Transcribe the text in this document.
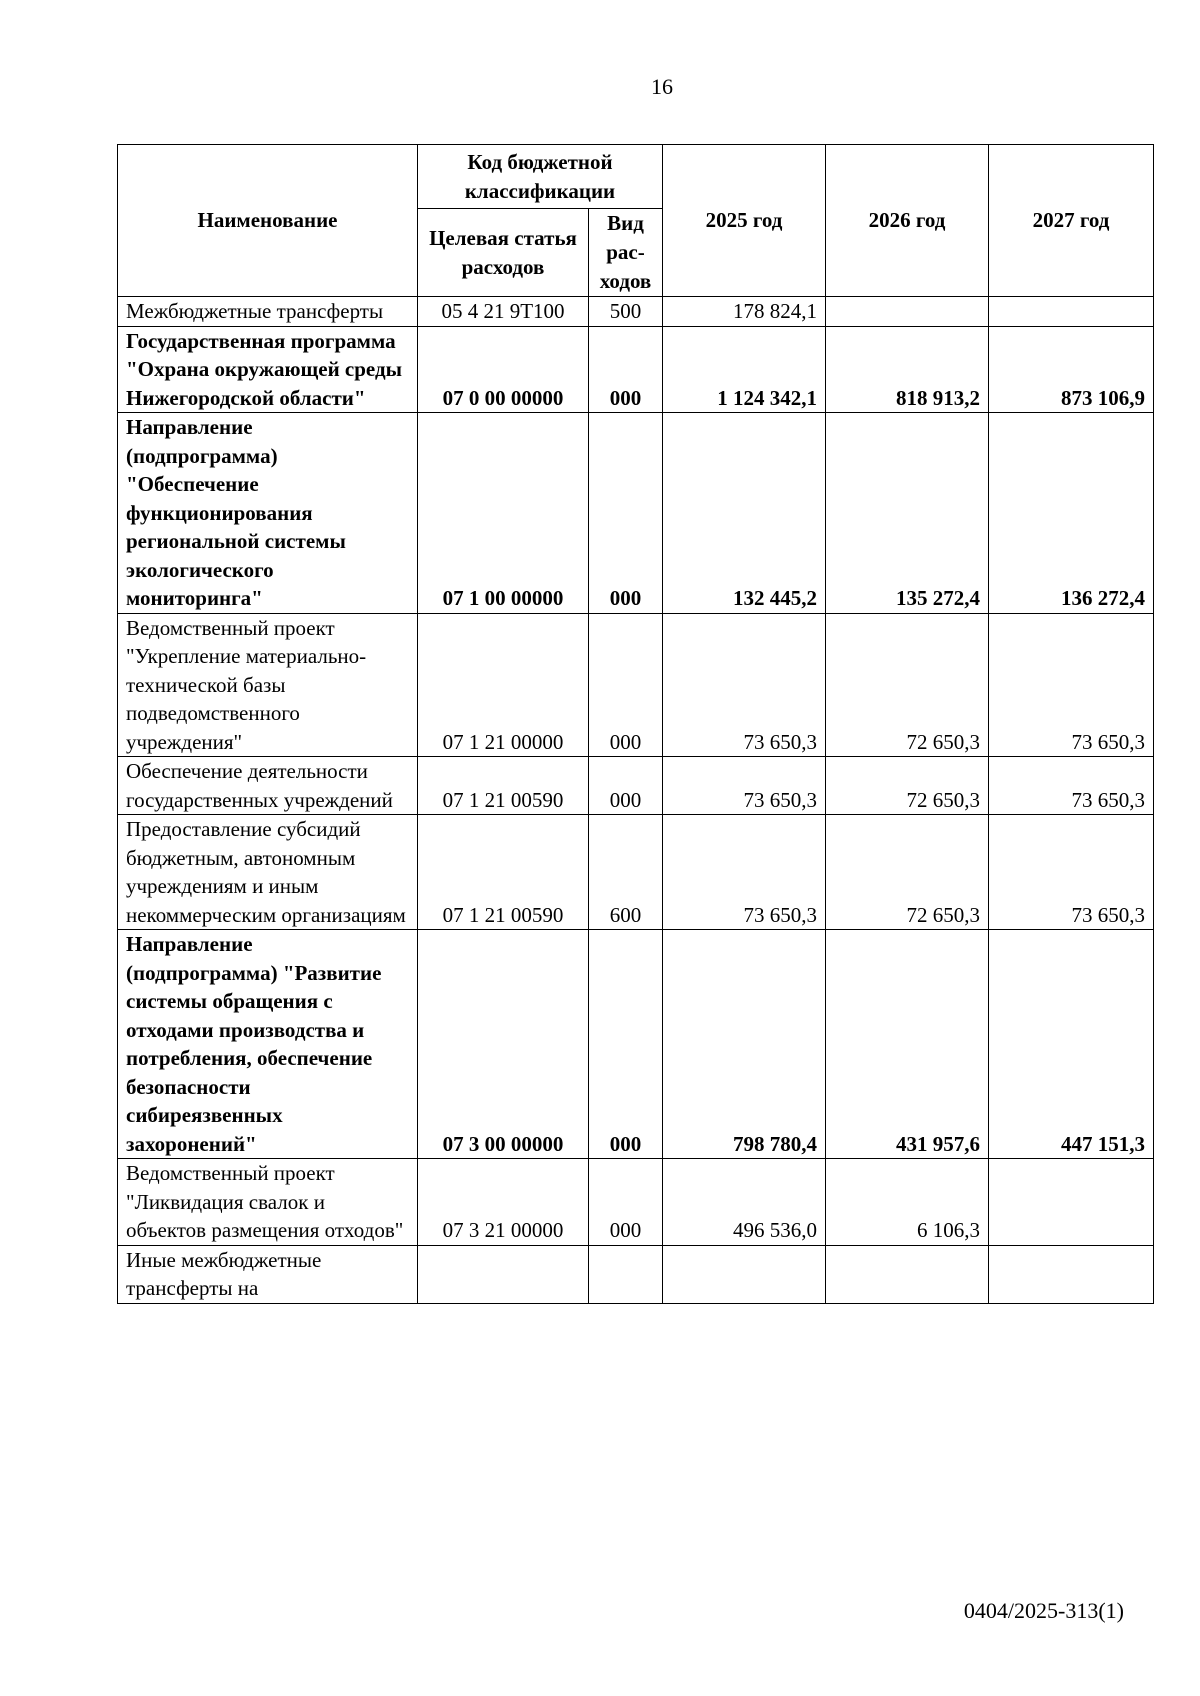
16
Наименование	Код бюджетной классификации		2025 год	2026 год	2027 год
	Целевая статья расходов	Вид рас-ходов			
Межбюджетные трансферты	05 4 21 9Т100	500	178 824,1		
Государственная программа "Охрана окружающей среды Нижегородской области"	07 0 00 00000	000	1 124 342,1	818 913,2	873 106,9
Направление (подпрограмма) "Обеспечение функционирования региональной системы экологического мониторинга"	07 1 00 00000	000	132 445,2	135 272,4	136 272,4
Ведомственный проект "Укрепление материально-технической базы подведомственного учреждения"	07 1 21 00000	000	73 650,3	72 650,3	73 650,3
Обеспечение деятельности государственных учреждений	07 1 21 00590	000	73 650,3	72 650,3	73 650,3
Предоставление субсидий бюджетным, автономным учреждениям и иным некоммерческим организациям	07 1 21 00590	600	73 650,3	72 650,3	73 650,3
Направление (подпрограмма) "Развитие системы обращения с отходами производства и потребления, обеспечение безопасности сибиреязвенных захоронений"	07 3 00 00000	000	798 780,4	431 957,6	447 151,3
Ведомственный проект "Ликвидация свалок и объектов размещения отходов"	07 3 21 00000	000	496 536,0	6 106,3	
Иные межбюджетные трансферты на					
0404/2025-313(1)
